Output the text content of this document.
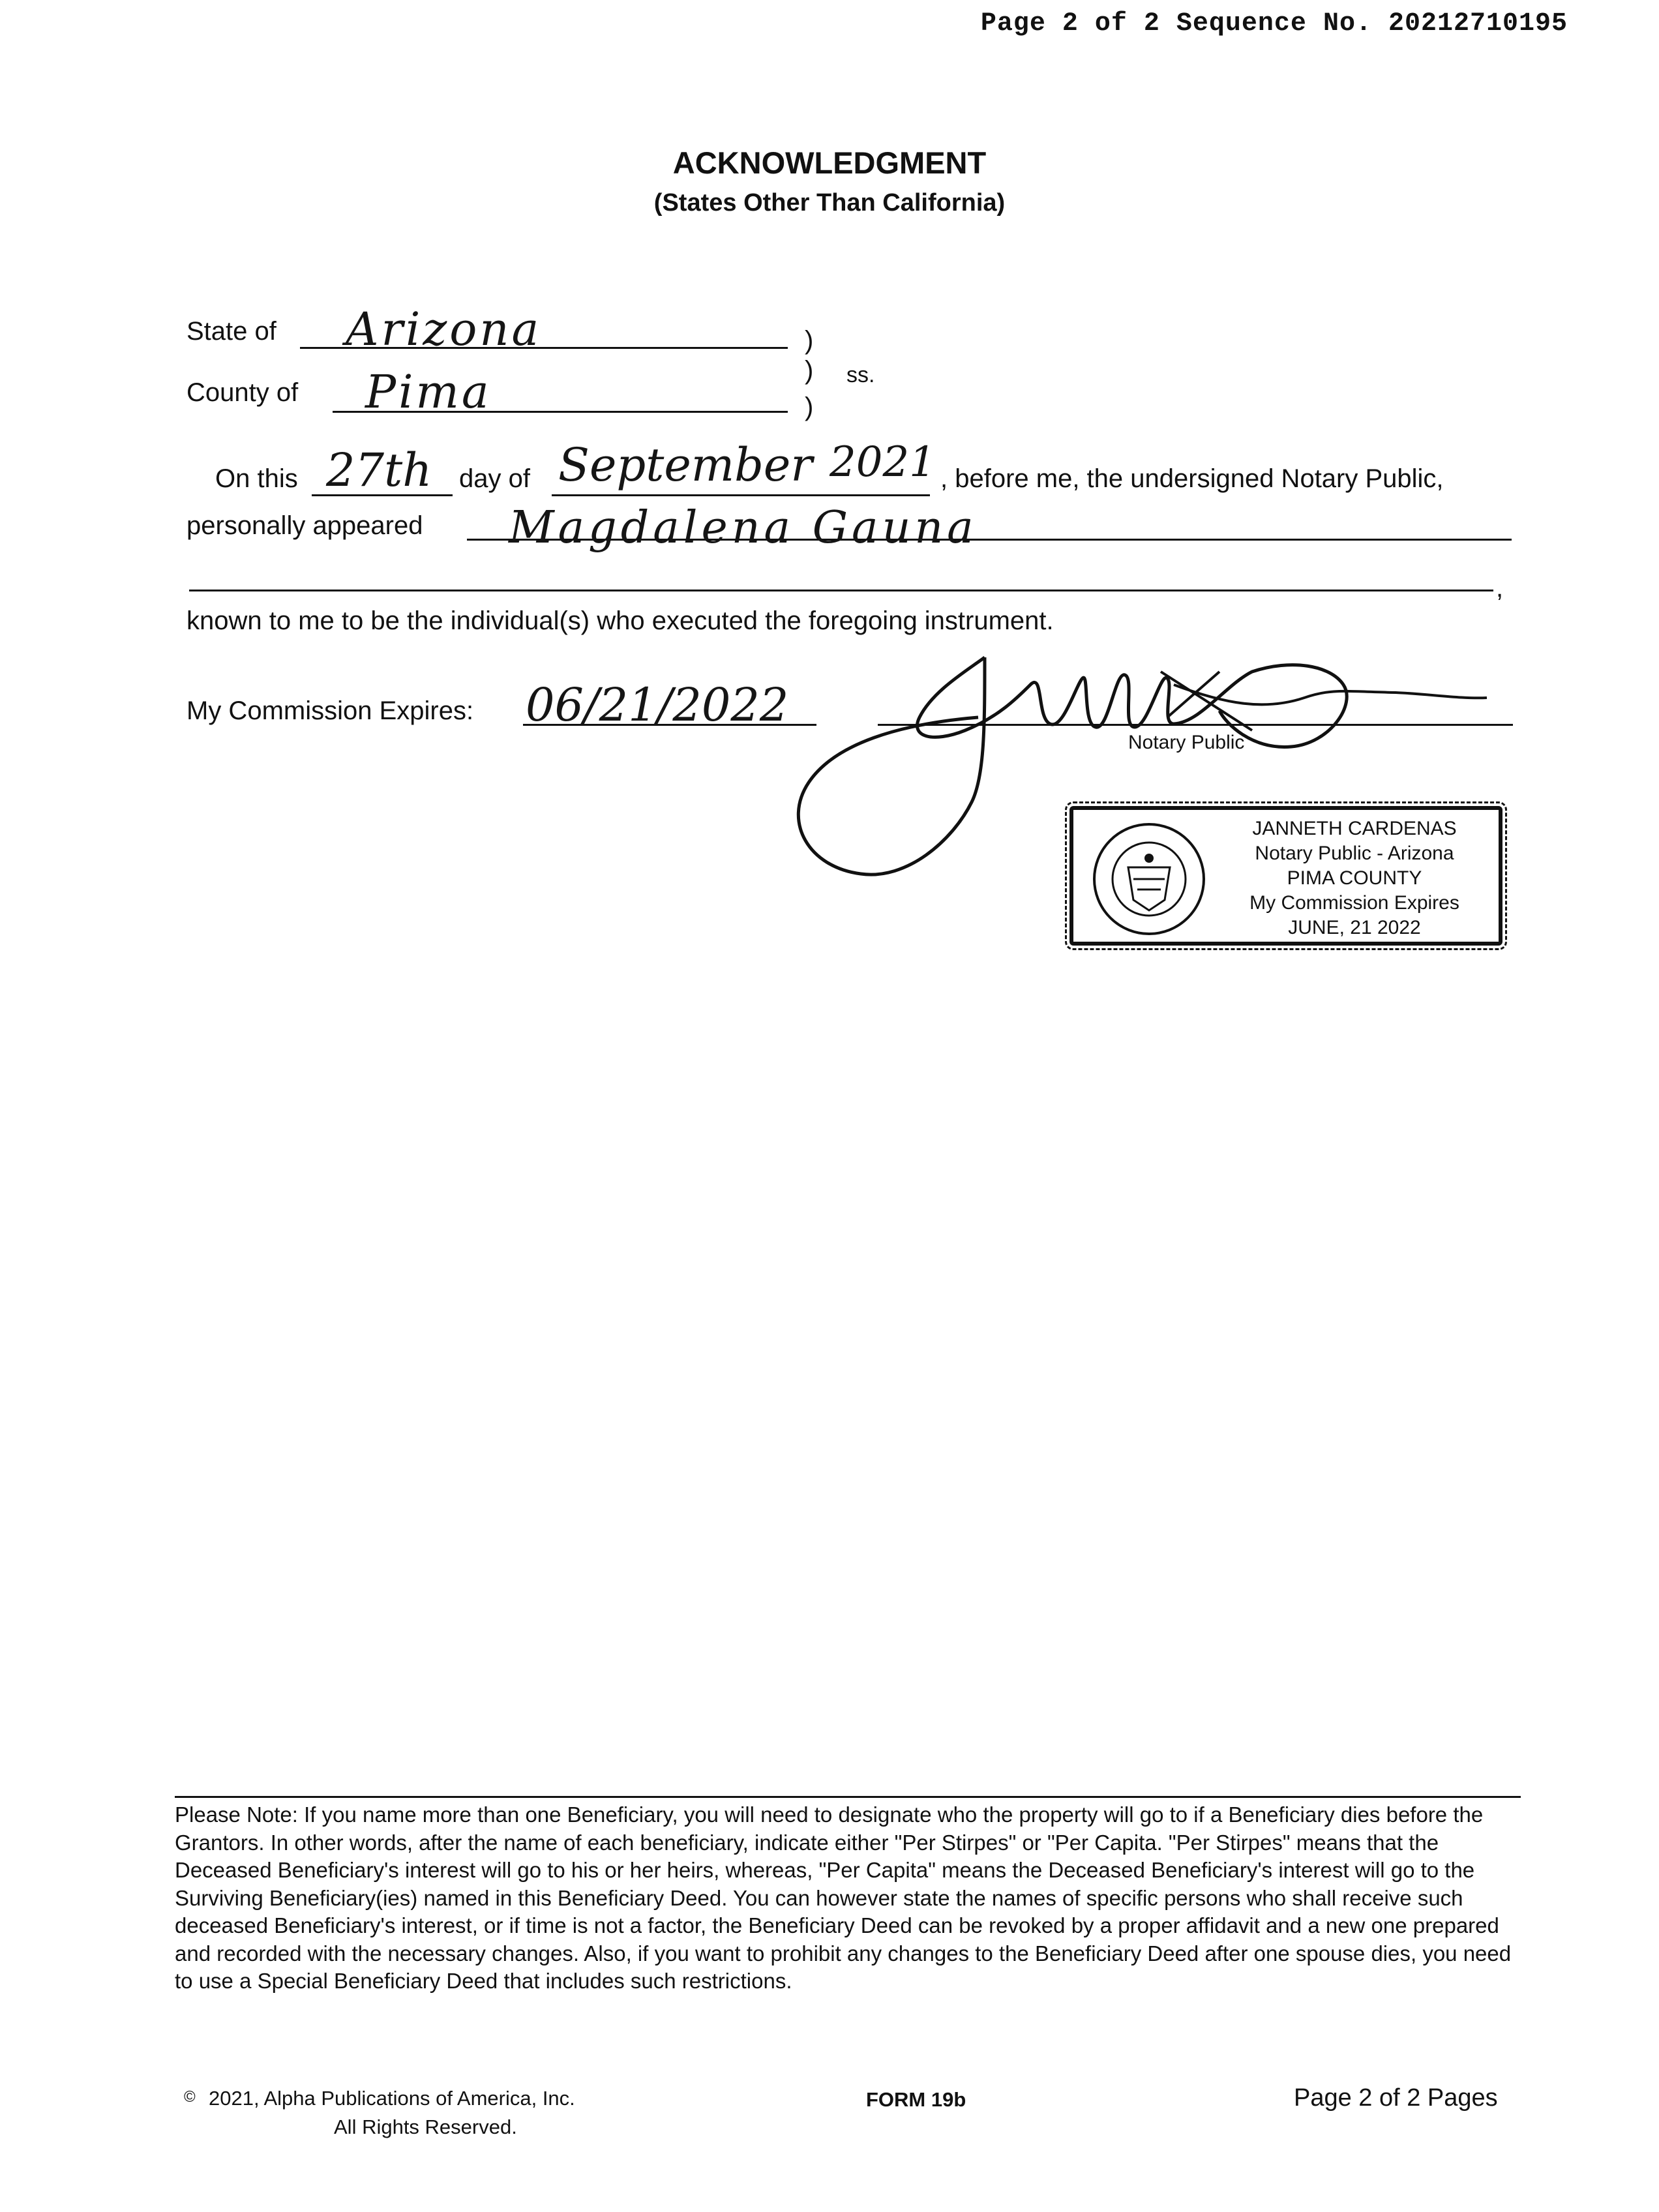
Page 2 of 2 Sequence No. 20212710195
ACKNOWLEDGMENT
(States Other Than California)
State of Arizona	)
County of Pima	)
)
ss.
On this 27th day of September 2021 , before me, the undersigned Notary Public,
personally appeared Magdalena Gauna
,
known to me to be the individual(s) who executed the foregoing instrument.
My Commission Expires: 06/21/2022
Notary Public
JANNETH CARDENAS
Notary Public - Arizona
PIMA COUNTY
My Commission Expires
JUNE, 21 2022
Please Note: If you name more than one Beneficiary, you will need to designate who the property will go to if a Beneficiary dies before the Grantors. In other words, after the name of each beneficiary, indicate either "Per Stirpes" or "Per Capita. "Per Stirpes" means that the Deceased Beneficiary's interest will go to his or her heirs, whereas, "Per Capita" means the Deceased Beneficiary's interest will go to the Surviving Beneficiary(ies) named in this Beneficiary Deed. You can however state the names of specific persons who shall receive such deceased Beneficiary's interest, or if time is not a factor, the Beneficiary Deed can be revoked by a proper affidavit and a new one prepared and recorded with the necessary changes. Also, if you want to prohibit any changes to the Beneficiary Deed after one spouse dies, you need to use a Special Beneficiary Deed that includes such restrictions.
© 2021, Alpha Publications of America, Inc.
All Rights Reserved.
FORM 19b	Page 2 of 2 Pages
